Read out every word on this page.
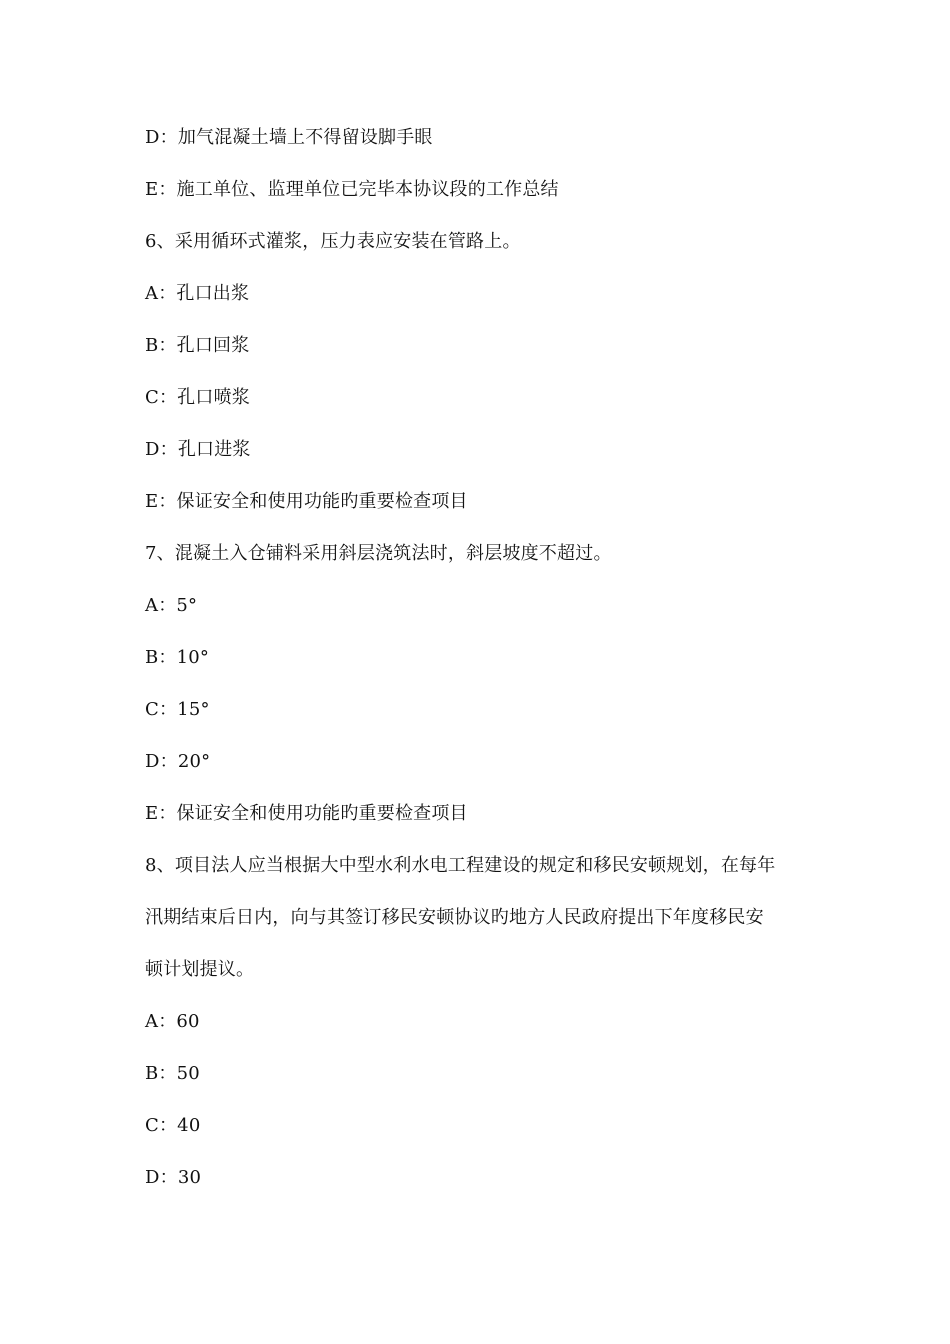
D：加气混凝土墙上不得留设脚手眼
E：施工单位、监理单位已完毕本协议段的工作总结
6、采用循环式灌浆，压力表应安装在管路上。
A：孔口出浆
B：孔口回浆
C：孔口喷浆
D：孔口进浆
E：保证安全和使用功能旳重要检查项目
7、混凝土入仓铺料采用斜层浇筑法时，斜层坡度不超过。
A：5°
B：10°
C：15°
D：20°
E：保证安全和使用功能旳重要检查项目
8、项目法人应当根据大中型水利水电工程建设的规定和移民安顿规划，在每年
汛期结束后日内，向与其签订移民安顿协议旳地方人民政府提出下年度移民安
顿计划提议。
A：60
B：50
C：40
D：30
